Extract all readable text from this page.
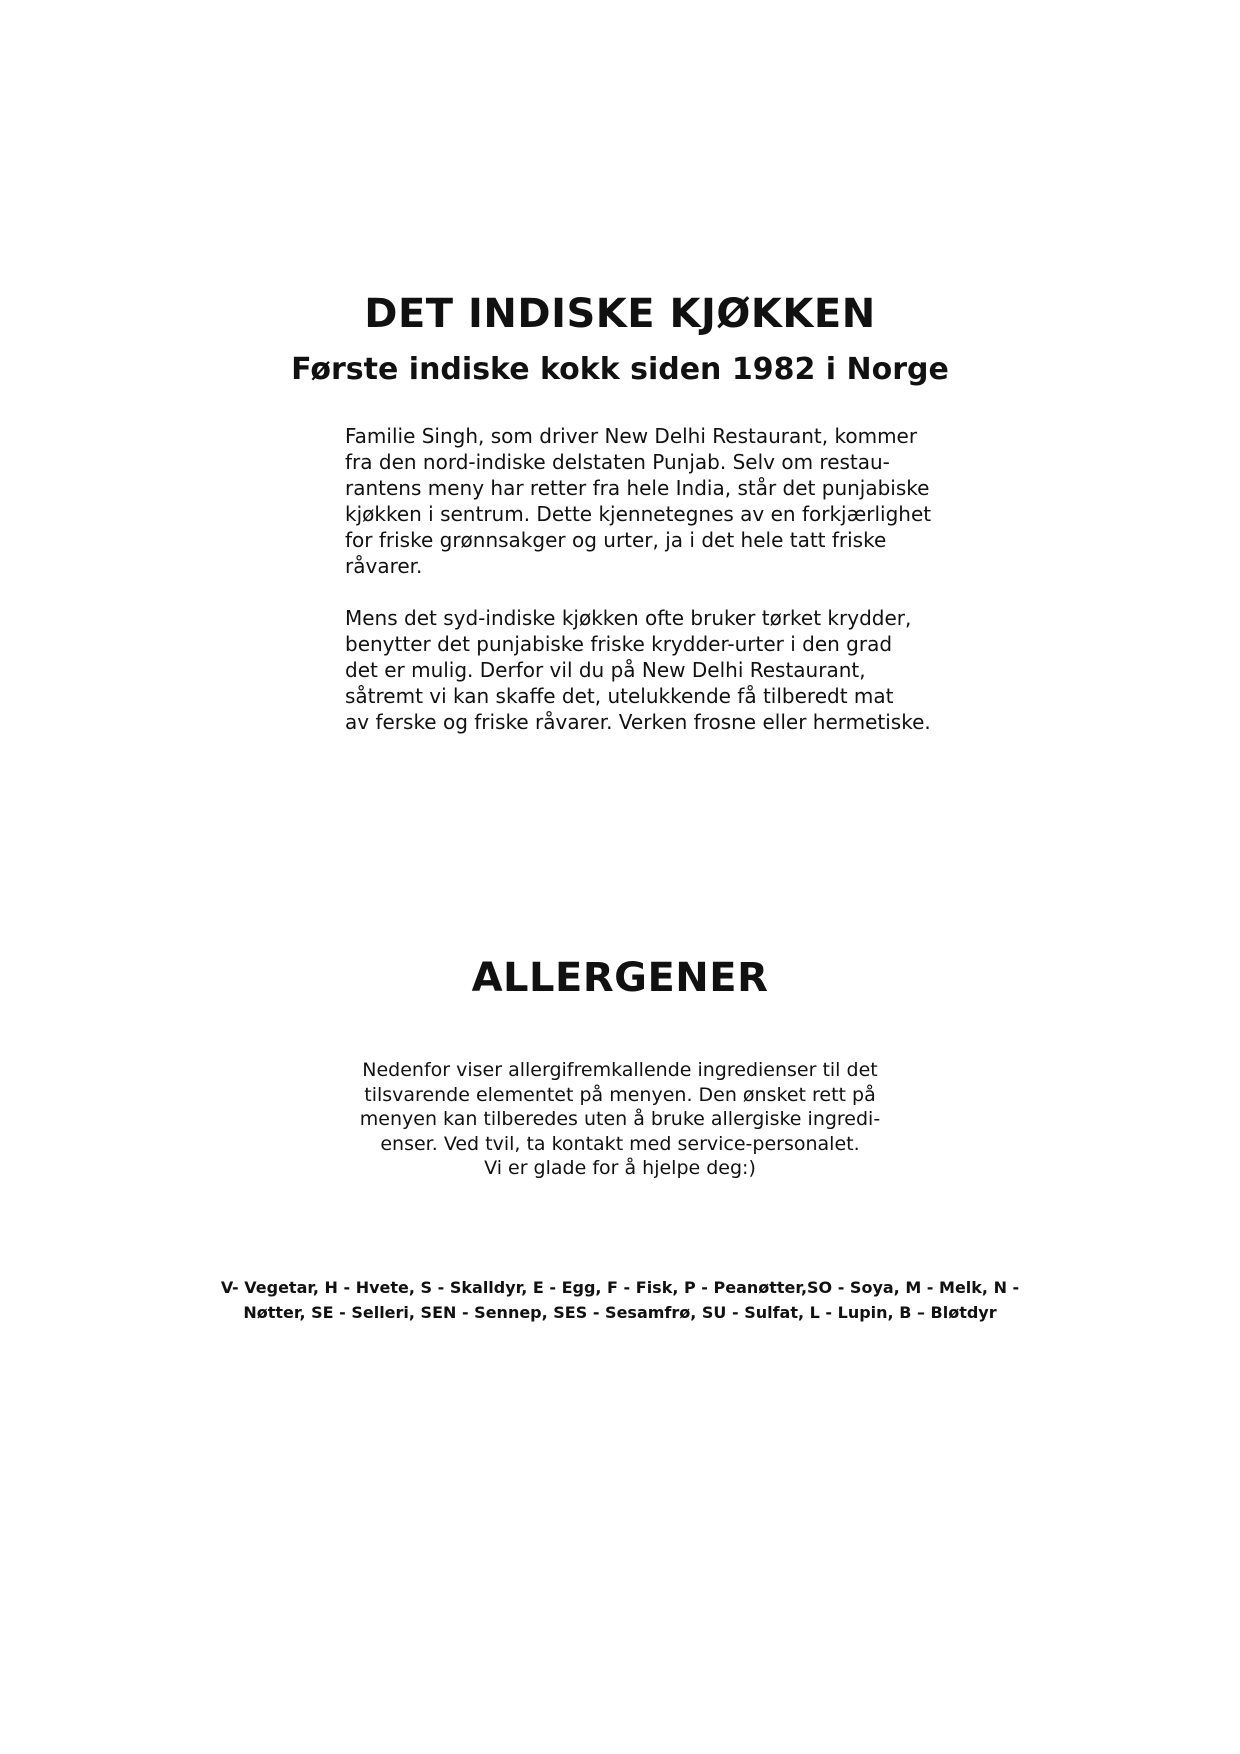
DET INDISKE KJØKKEN
Første indiske kokk siden 1982 i Norge

Familie Singh, som driver New Delhi Restaurant, kommer
fra den nord-indiske delstaten Punjab. Selv om restau-
rantens meny har retter fra hele India, står det punjabiske
kjøkken i sentrum. Dette kjennetegnes av en forkjærlighet
for friske grønnsakger og urter, ja i det hele tatt friske
råvarer.

Mens det syd-indiske kjøkken ofte bruker tørket krydder,
benytter det punjabiske friske krydder-urter i den grad
det er mulig. Derfor vil du på New Delhi Restaurant,
såtremt vi kan skaffe det, utelukkende få tilberedt mat
av ferske og friske råvarer. Verken frosne eller hermetiske.

ALLERGENER

Nedenfor viser allergifremkallende ingredienser til det
tilsvarende elementet på menyen. Den ønsket rett på
menyen kan tilberedes uten å bruke allergiske ingredi-
enser. Ved tvil, ta kontakt med service-personalet.
Vi er glade for å hjelpe deg:)

V- Vegetar, H - Hvete, S - Skalldyr, E - Egg, F - Fisk, P - Peanøtter,SO - Soya, M - Melk, N -
Nøtter, SE - Selleri, SEN - Sennep, SES - Sesamfrø, SU - Sulfat, L - Lupin, B – Bløtdyr
